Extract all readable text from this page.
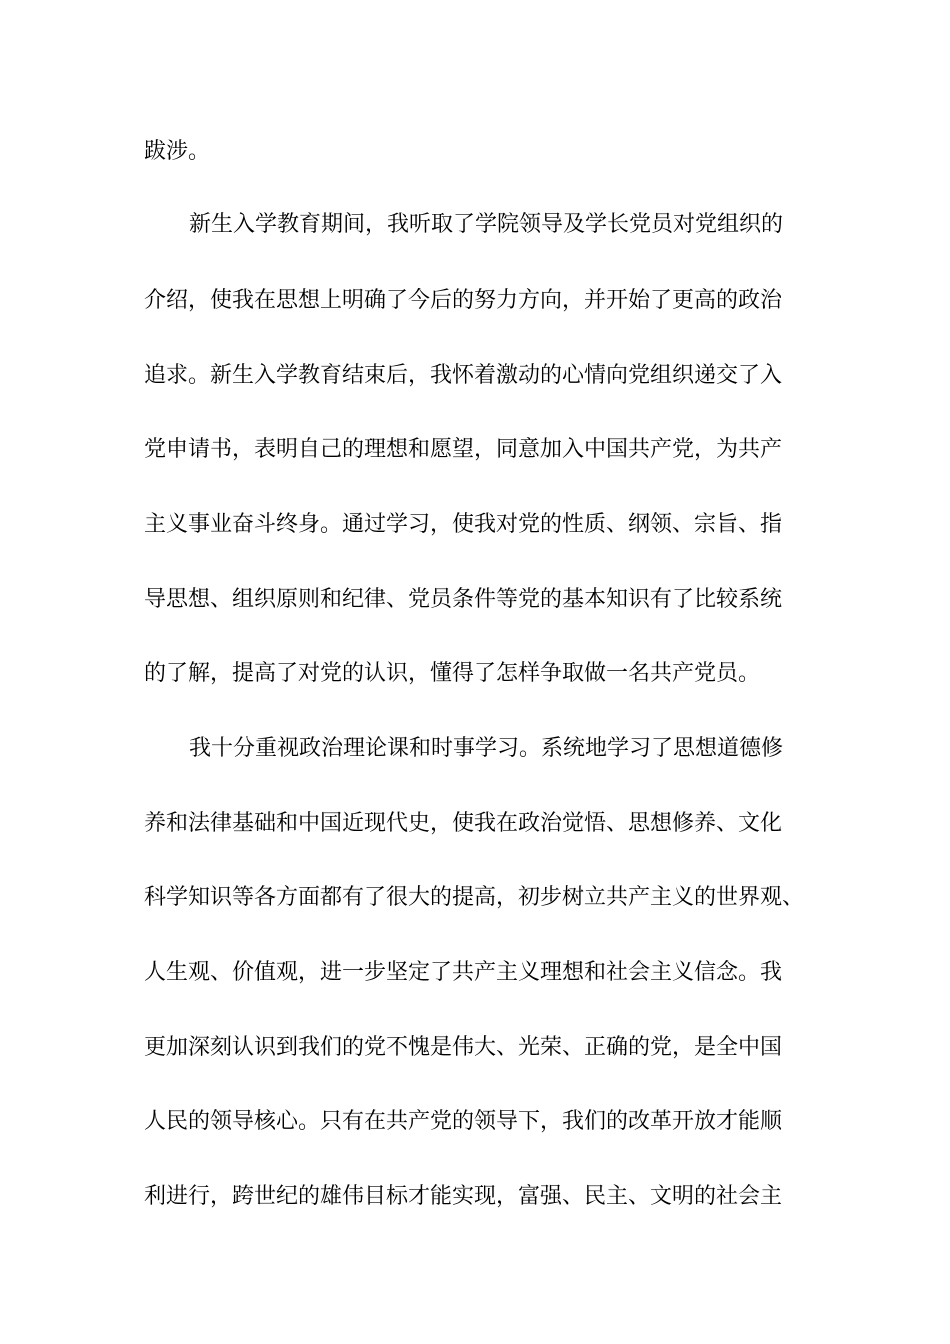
跋涉。

新生入学教育期间，我听取了学院领导及学长党员对党组织的

介绍，使我在思想上明确了今后的努力方向，并开始了更高的政治

追求。新生入学教育结束后，我怀着激动的心情向党组织递交了入

党申请书，表明自己的理想和愿望，同意加入中国共产党，为共产

主义事业奋斗终身。通过学习，使我对党的性质、纲领、宗旨、指

导思想、组织原则和纪律、党员条件等党的基本知识有了比较系统

的了解，提高了对党的认识，懂得了怎样争取做一名共产党员。

我十分重视政治理论课和时事学习。系统地学习了思想道德修

养和法律基础和中国近现代史，使我在政治觉悟、思想修养、文化

科学知识等各方面都有了很大的提高，初步树立共产主义的世界观、

人生观、价值观，进一步坚定了共产主义理想和社会主义信念。我

更加深刻认识到我们的党不愧是伟大、光荣、正确的党，是全中国

人民的领导核心。只有在共产党的领导下，我们的改革开放才能顺

利进行，跨世纪的雄伟目标才能实现，富强、民主、文明的社会主
